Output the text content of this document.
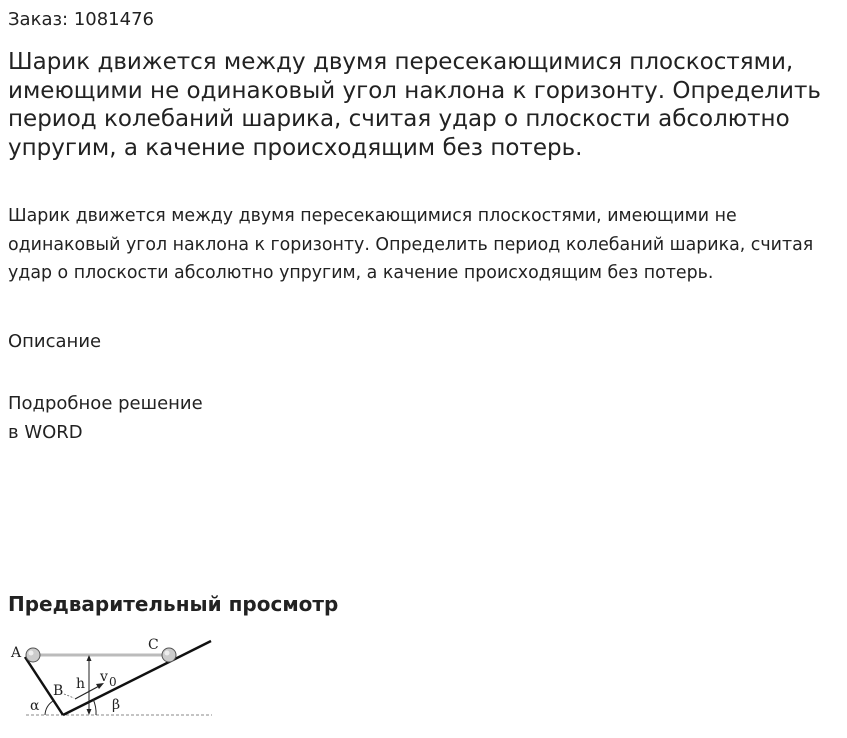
Заказ: 1081476
Шарик движется между двумя пересекающимися плоскостями, имеющими не одинаковый угол наклона к горизонту. Определить период колебаний шарика, считая удар о плоскости абсолютно упругим, а качение происходящим без потерь.

Шарик движется между двумя пересекающимися плоскостями, имеющими не одинаковый угол наклона к горизонту. Определить период колебаний шарика, считая удар о плоскости абсолютно упругим, а качение происходящим без потерь.

Описание
Подробное решение
в WORD
Предварительный просмотр
A	C
B h v 0
α	β
